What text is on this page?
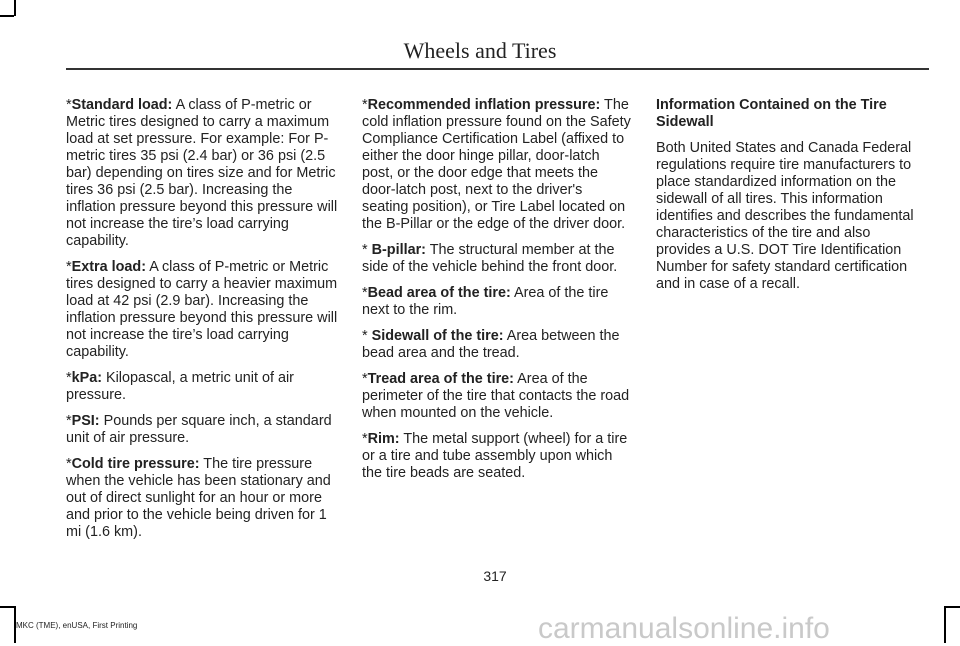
Wheels and Tires

*Standard load: A class of P-metric or Metric tires designed to carry a maximum load at set pressure. For example: For P-metric tires 35 psi (2.4 bar) or 36 psi (2.5 bar) depending on tires size and for Metric tires 36 psi (2.5 bar). Increasing the inflation pressure beyond this pressure will not increase the tire’s load carrying capability.

*Extra load: A class of P-metric or Metric tires designed to carry a heavier maximum load at 42 psi (2.9 bar). Increasing the inflation pressure beyond this pressure will not increase the tire’s load carrying capability.

*kPa: Kilopascal, a metric unit of air pressure.

*PSI: Pounds per square inch, a standard unit of air pressure.

*Cold tire pressure: The tire pressure when the vehicle has been stationary and out of direct sunlight for an hour or more and prior to the vehicle being driven for 1 mi (1.6 km).

*Recommended inflation pressure: The cold inflation pressure found on the Safety Compliance Certification Label (affixed to either the door hinge pillar, door-latch post, or the door edge that meets the door-latch post, next to the driver's seating position), or Tire Label located on the B-Pillar or the edge of the driver door.

* B-pillar: The structural member at the side of the vehicle behind the front door.

*Bead area of the tire: Area of the tire next to the rim.

* Sidewall of the tire: Area between the bead area and the tread.

*Tread area of the tire: Area of the perimeter of the tire that contacts the road when mounted on the vehicle.

*Rim: The metal support (wheel) for a tire or a tire and tube assembly upon which the tire beads are seated.

Information Contained on the Tire Sidewall

Both United States and Canada Federal regulations require tire manufacturers to place standardized information on the sidewall of all tires. This information identifies and describes the fundamental characteristics of the tire and also provides a U.S. DOT Tire Identification Number for safety standard certification and in case of a recall.

317
MKC (TME), enUSA, First Printing	carmanualsonline.info
